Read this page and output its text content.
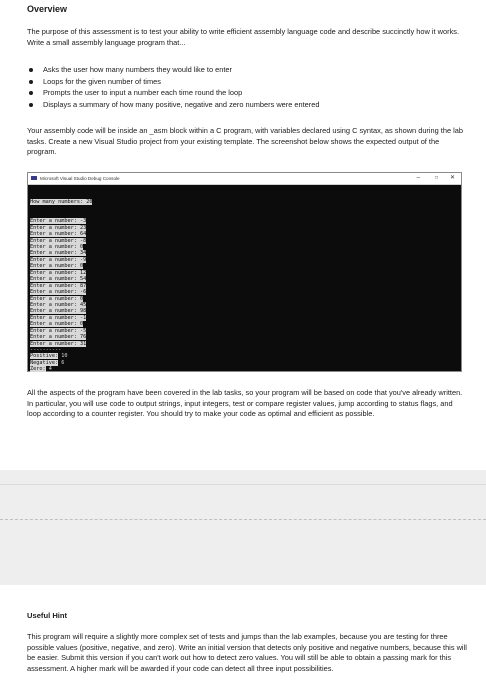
Overview
The purpose of this assessment is to test your ability to write efficient assembly language code and describe succinctly how it works. Write a small assembly language program that...
Asks the user how many numbers they would like to enter
Loops for the given number of times
Prompts the user to input a number each time round the loop
Displays a summary of how many positive, negative and zero numbers were entered
Your assembly code will be inside an _asm block within a C program, with variables declared using C syntax, as shown during the lab tasks. Create a new Visual Studio project from your existing template. The screenshot below shows the expected output of the program.
Microsoft Visual Studio Debug Console	–	□ ✕

How many numbers: 20

Enter a number: -3
Enter a number: 23
Enter a number: 64
Enter a number: -8
Enter a number: 0
Enter a number: 34
Enter a number: -9
Enter a number: 0
Enter a number: 12
Enter a number: 54
Enter a number: 87
Enter a number: -6
Enter a number: 0
Enter a number: 45
Enter a number: 98
Enter a number: -1
Enter a number: 0
Enter a number: -5
Enter a number: 76
Enter a number: 31
----------
Positive: 10
Negative: 6
Zero: 4
All the aspects of the program have been covered in the lab tasks, so your program will be based on code that you've already written. In particular, you will use code to output strings, input integers, test or compare register values, jump according to status flags, and loop according to a counter register. You should try to make your code as optimal and efficient as possible.
Useful Hint
This program will require a slightly more complex set of tests and jumps than the lab examples, because you are testing for three possible values (positive, negative, and zero). Write an initial version that detects only positive and negative numbers, because this will be easier. Submit this version if you can't work out how to detect zero values. You will still be able to obtain a passing mark for this assessment. A higher mark will be awarded if your code can detect all three input possibilities.
